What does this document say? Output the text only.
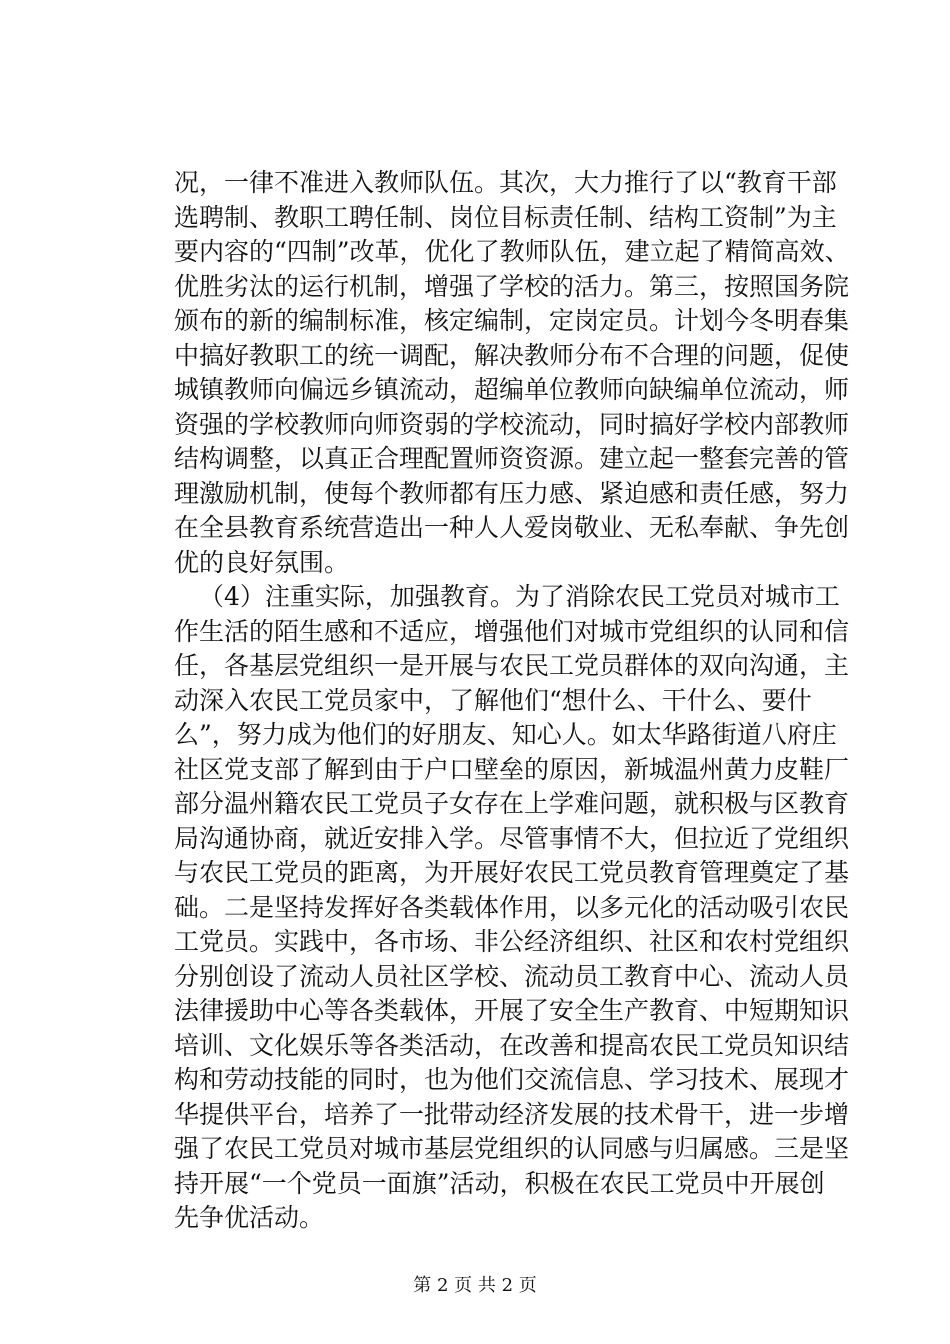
况，一律不准进入教师队伍。其次，大力推行了以“教育干部
选聘制、教职工聘任制、岗位目标责任制、结构工资制”为主
要内容的“四制”改革，优化了教师队伍，建立起了精简高效、
优胜劣汰的运行机制，增强了学校的活力。第三，按照国务院
颁布的新的编制标准，核定编制，定岗定员。计划今冬明春集
中搞好教职工的统一调配，解决教师分布不合理的问题，促使
城镇教师向偏远乡镇流动，超编单位教师向缺编单位流动，师
资强的学校教师向师资弱的学校流动，同时搞好学校内部教师
结构调整，以真正合理配置师资资源。建立起一整套完善的管
理激励机制，使每个教师都有压力感、紧迫感和责任感，努力
在全县教育系统营造出一种人人爱岗敬业、无私奉献、争先创
优的良好氛围。
（4）注重实际，加强教育。为了消除农民工党员对城市工
作生活的陌生感和不适应，增强他们对城市党组织的认同和信
任，各基层党组织一是开展与农民工党员群体的双向沟通，主
动深入农民工党员家中，了解他们“想什么、干什么、要什
么”，努力成为他们的好朋友、知心人。如太华路街道八府庄
社区党支部了解到由于户口壁垒的原因，新城温州黄力皮鞋厂
部分温州籍农民工党员子女存在上学难问题，就积极与区教育
局沟通协商，就近安排入学。尽管事情不大，但拉近了党组织
与农民工党员的距离，为开展好农民工党员教育管理奠定了基
础。二是坚持发挥好各类载体作用，以多元化的活动吸引农民
工党员。实践中，各市场、非公经济组织、社区和农村党组织
分别创设了流动人员社区学校、流动员工教育中心、流动人员
法律援助中心等各类载体，开展了安全生产教育、中短期知识
培训、文化娱乐等各类活动，在改善和提高农民工党员知识结
构和劳动技能的同时，也为他们交流信息、学习技术、展现才
华提供平台，培养了一批带动经济发展的技术骨干，进一步增
强了农民工党员对城市基层党组织的认同感与归属感。三是坚
持开展“一个党员一面旗”活动，积极在农民工党员中开展创
先争优活动。
第 2 页 共 2 页
